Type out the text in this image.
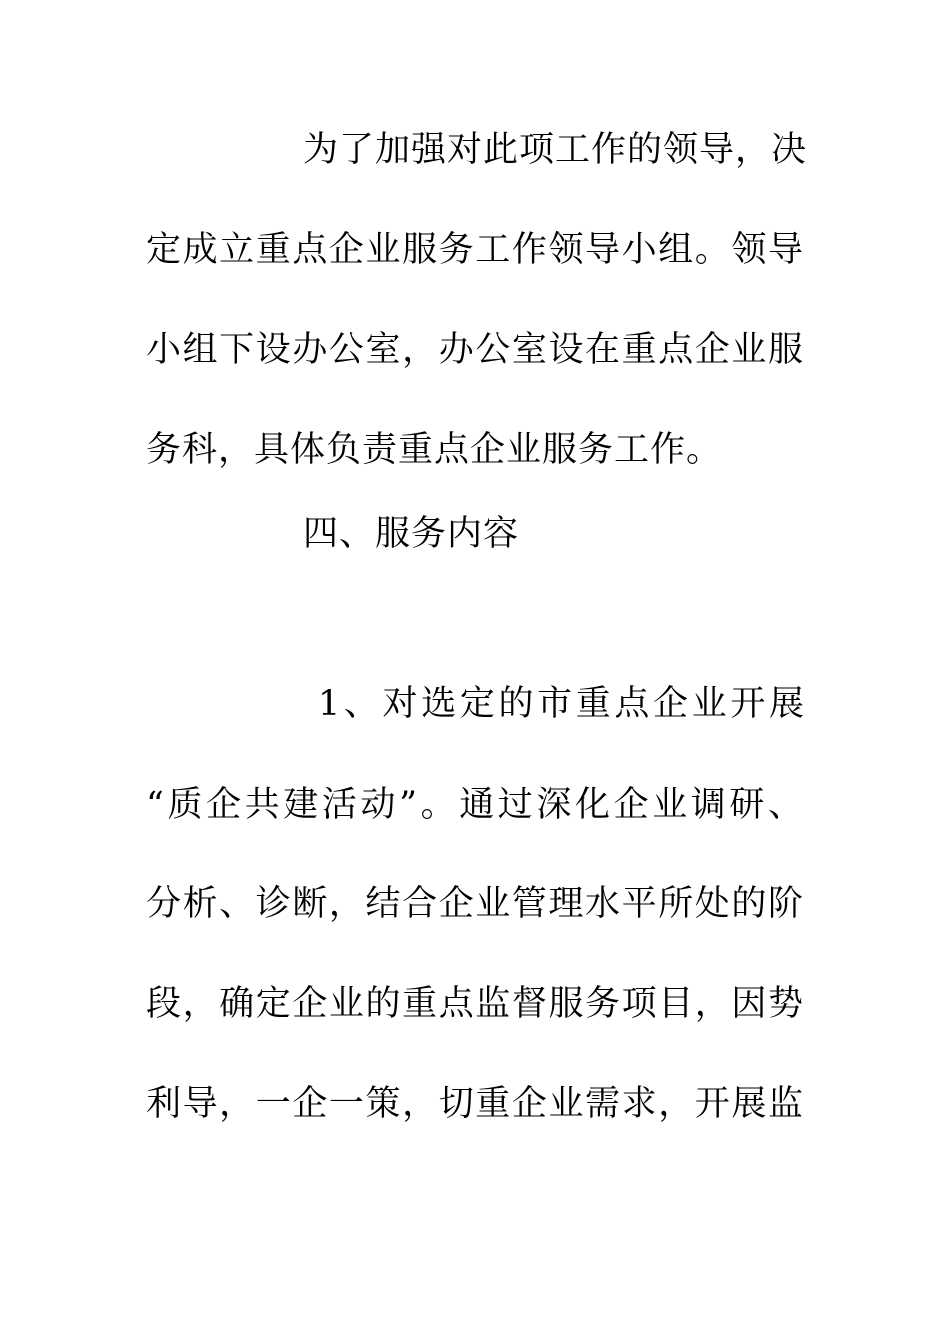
为了加强对此项工作的领导，决
定成立重点企业服务工作领导小组。领导
小组下设办公室，办公室设在重点企业服
务科，具体负责重点企业服务工作。
四、服务内容
1、对选定的市重点企业开展
“质企共建活动”。通过深化企业调研、
分析、诊断，结合企业管理水平所处的阶
段，确定企业的重点监督服务项目，因势
利导，一企一策，切重企业需求，开展监
